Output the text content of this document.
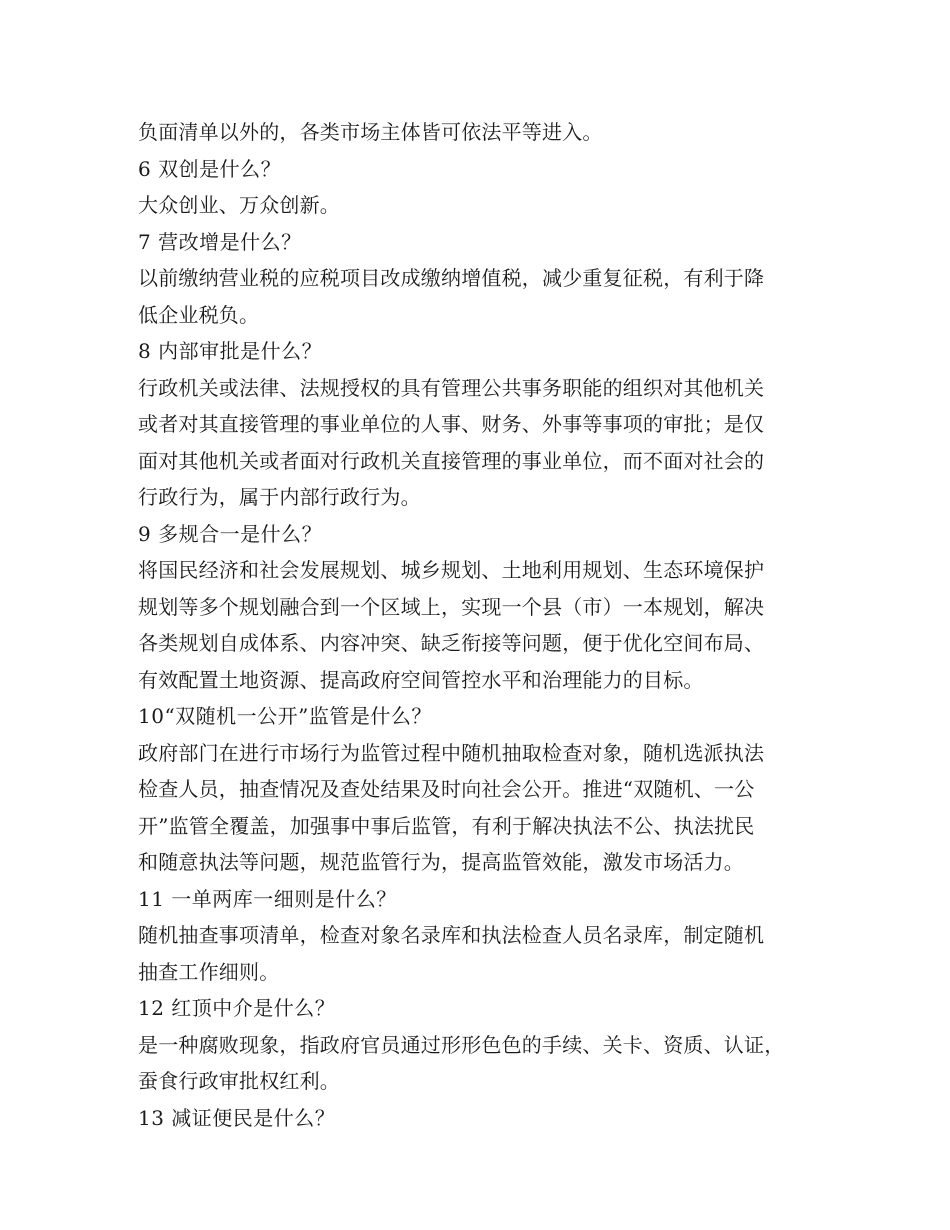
负面清单以外的，各类市场主体皆可依法平等进入。
6 双创是什么？
大众创业、万众创新。
7 营改增是什么？
以前缴纳营业税的应税项目改成缴纳增值税，减少重复征税，有利于降
低企业税负。
8 内部审批是什么？
行政机关或法律、法规授权的具有管理公共事务职能的组织对其他机关
或者对其直接管理的事业单位的人事、财务、外事等事项的审批；是仅
面对其他机关或者面对行政机关直接管理的事业单位，而不面对社会的
行政行为，属于内部行政行为。
9 多规合一是什么？
将国民经济和社会发展规划、城乡规划、土地利用规划、生态环境保护
规划等多个规划融合到一个区域上，实现一个县（市）一本规划，解决
各类规划自成体系、内容冲突、缺乏衔接等问题，便于优化空间布局、
有效配置土地资源、提高政府空间管控水平和治理能力的目标。
10“双随机一公开”监管是什么？
政府部门在进行市场行为监管过程中随机抽取检查对象，随机选派执法
检查人员，抽查情况及查处结果及时向社会公开。推进“双随机、一公
开”监管全覆盖，加强事中事后监管，有利于解决执法不公、执法扰民
和随意执法等问题，规范监管行为，提高监管效能，激发市场活力。
11 一单两库一细则是什么？
随机抽查事项清单，检查对象名录库和执法检查人员名录库，制定随机
抽查工作细则。
12 红顶中介是什么？
是一种腐败现象，指政府官员通过形形色色的手续、关卡、资质、认证，
蚕食行政审批权红利。
13 减证便民是什么？
